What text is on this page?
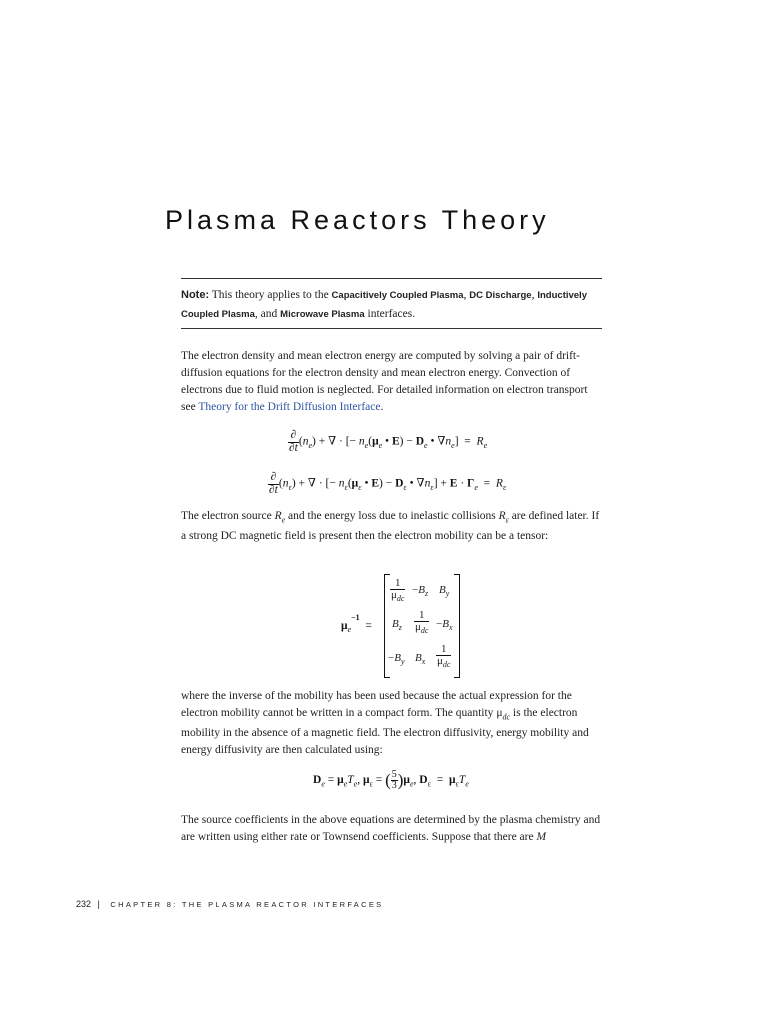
Plasma Reactors Theory
Note: This theory applies to the Capacitively Coupled Plasma, DC Discharge, Inductively
Coupled Plasma, and Microwave Plasma interfaces.

The electron density and mean electron energy are computed by solving a pair of drift-diffusion equations for the electron density and mean electron energy. Convection of electrons due to fluid motion is neglected. For detailed information on electron transport see Theory for the Drift Diffusion Interface.

$\frac{\partial}{\partial t} (n_e)$ + ∇ · [− $n_e(\mu_e$ • $E) - D_e$ • $\nabla n_e] = R_e$
$\frac{\partial}{\partial t} (n_\varepsilon)$ + ∇ · [− $n_\varepsilon(\mu_\varepsilon$ • $E) - D_\varepsilon$ • $\nabla n_\varepsilon] + E \cdot \Gamma_e = R_\varepsilon$

The electron source $R_e$ and the energy loss due to inelastic collisions $R_\varepsilon$ are defined later. If a strong DC magnetic field is present then the electron mobility can be a tensor:

$\mu_e^{-1}$  =
$\frac{1}{\mu_{dc}} -B_z$ $B_y$
$B_z \frac{1}{\mu_{dc}} -B_x$
$-B_y$ $B_x \frac{1}{\mu_{dc}}$

where the inverse of the mobility has been used because the actual expression for the electron mobility cannot be written in a compact form. The quantity $\mu_{dc}$ is the electron mobility in the absence of a magnetic field. The electron diffusivity, energy mobility and energy diffusivity are then calculated using:

$D_e = \mu_eT_e$, $\mu_\varepsilon$ = ( $\frac{5}{3} )\mu_e$, $D_\varepsilon = \mu_\varepsilon T_e$

The source coefficients in the above equations are determined by the plasma chemistry and are written using either rate or Townsend coefficients. Suppose that there are M

232 | CHAPTER 8: THE PLASMA REACTOR INTERFACES
